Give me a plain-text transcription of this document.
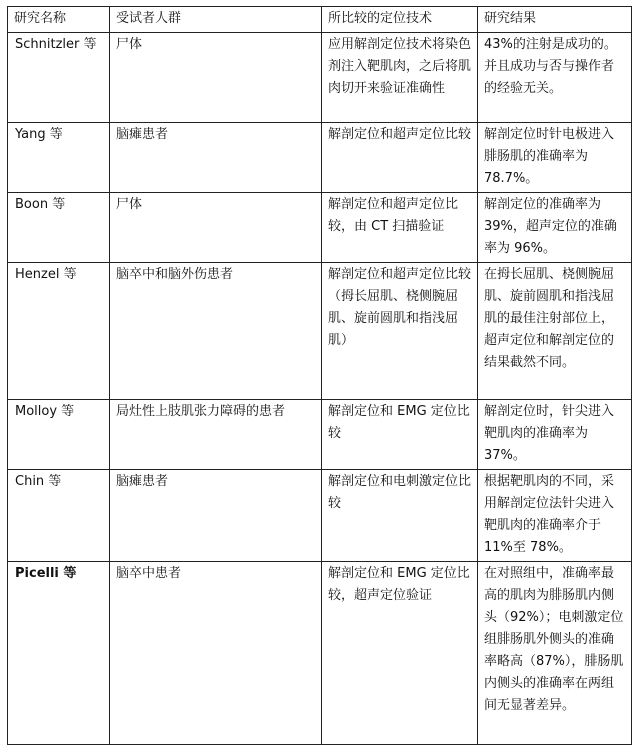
研究名称	受试者人群	所比较的定位技术	研究结果
Schnitzler 等	尸体	应用解剖定位技术将染色剂注入靶肌肉，之后将肌肉切开来验证准确性	43%的注射是成功的。并且成功与否与操作者的经验无关。
Yang 等	脑瘫患者	解剖定位和超声定位比较	解剖定位时针电极进入腓肠肌的准确率为78.7%。
Boon 等	尸体	解剖定位和超声定位比较，由 CT 扫描验证	解剖定位的准确率为39%，超声定位的准确率为 96%。
Henzel 等	脑卒中和脑外伤患者	解剖定位和超声定位比较（拇长屈肌、桡侧腕屈肌、旋前圆肌和指浅屈肌）	在拇长屈肌、桡侧腕屈肌、旋前圆肌和指浅屈肌的最佳注射部位上，超声定位和解剖定位的结果截然不同。
Molloy 等	局灶性上肢肌张力障碍的患者	解剖定位和 EMG 定位比较	解剖定位时，针尖进入靶肌肉的准确率为37%。
Chin 等	脑瘫患者	解剖定位和电刺激定位比较	根据靶肌肉的不同，采用解剖定位法针尖进入靶肌肉的准确率介于 11%至 78%。
Picelli 等	脑卒中患者	解剖定位和 EMG 定位比较，超声定位验证	在对照组中，准确率最高的肌肉为腓肠肌内侧头（92%）；电刺激定位组腓肠肌外侧头的准确率略高（87%），腓肠肌内侧头的准确率在两组间无显著差异。
